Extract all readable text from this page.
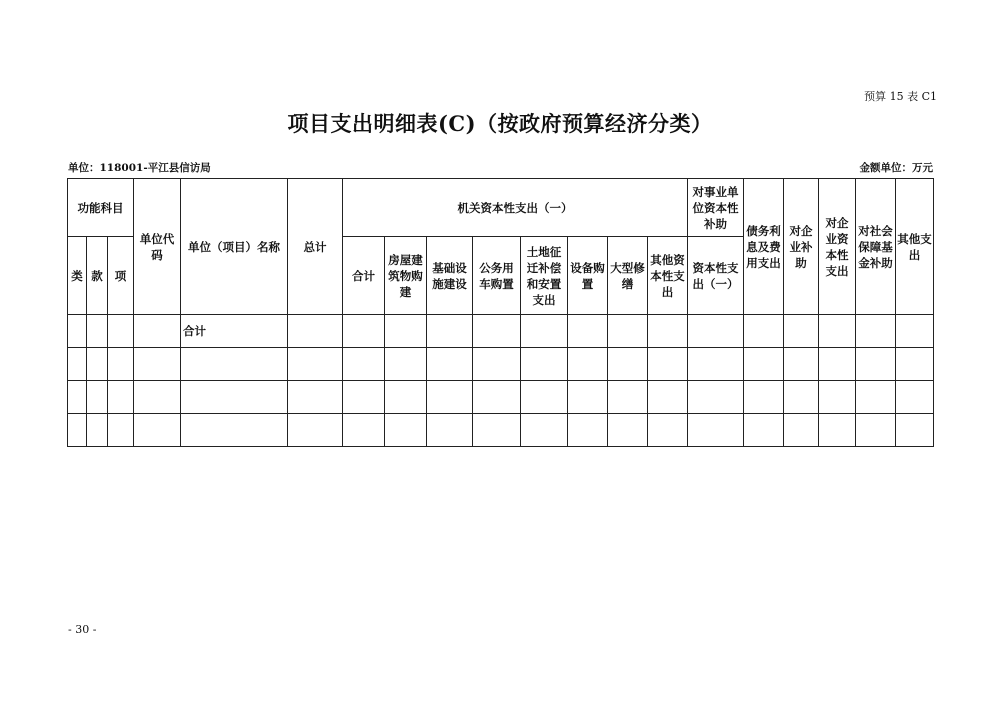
预算 15 表 C1
项目支出明细表(C)（按政府预算经济分类）
单位：118001-平江县信访局	金额单位：万元
功能科目			单位代码	单位（项目）名称	总计	机关资本性支出（一）								对事业单位资本性补助	债务利息及费用支出	对企业补助	对企业资本性支出	对社会保障基金补助	其他支出
类	款	项				合计	房屋建筑物购建	基础设施建设	公务用车购置	土地征迁补偿和安置支出	设备购置	大型修缮	其他资本性支出	资本性支出（一）					
				合计															

- 30 -
